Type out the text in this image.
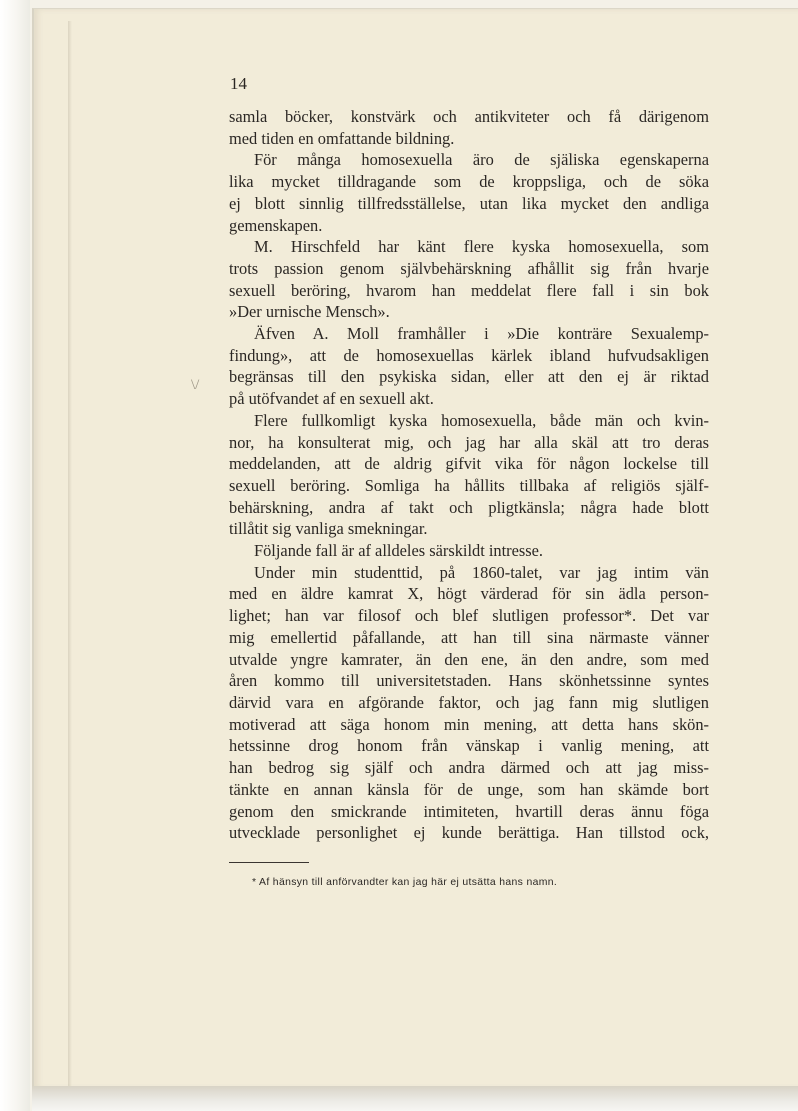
14
\/
samla böcker, konstvärk och antikviteter och få därigenom
med tiden en omfattande bildning.
För många homosexuella äro de själiska egenskaperna
lika mycket tilldragande som de kroppsliga, och de söka
ej blott sinnlig tillfredsställelse, utan lika mycket den andliga
gemenskapen.
M. Hirschfeld har känt flere kyska homosexuella, som
trots passion genom självbehärskning afhållit sig från hvarje
sexuell beröring, hvarom han meddelat flere fall i sin bok
»Der urnische Mensch».
Äfven A. Moll framhåller i »Die konträre Sexualemp-
findung», att de homosexuellas kärlek ibland hufvudsakligen
begränsas till den psykiska sidan, eller att den ej är riktad
på utöfvandet af en sexuell akt.
Flere fullkomligt kyska homosexuella, både män och kvin-
nor, ha konsulterat mig, och jag har alla skäl att tro deras
meddelanden, att de aldrig gifvit vika för någon lockelse till
sexuell beröring. Somliga ha hållits tillbaka af religiös själf-
behärskning, andra af takt och pligtkänsla; några hade blott
tillåtit sig vanliga smekningar.
Följande fall är af alldeles särskildt intresse.
Under min studenttid, på 1860-talet, var jag intim vän
med en äldre kamrat X, högt värderad för sin ädla person-
lighet; han var filosof och blef slutligen professor*. Det var
mig emellertid påfallande, att han till sina närmaste vänner
utvalde yngre kamrater, än den ene, än den andre, som med
åren kommo till universitetstaden. Hans skönhetssinne syntes
därvid vara en afgörande faktor, och jag fann mig slutligen
motiverad att säga honom min mening, att detta hans skön-
hetssinne drog honom från vänskap i vanlig mening, att
han bedrog sig själf och andra därmed och att jag miss-
tänkte en annan känsla för de unge, som han skämde bort
genom den smickrande intimiteten, hvartill deras ännu föga
utvecklade personlighet ej kunde berättiga. Han tillstod ock,
* Af hänsyn till anförvandter kan jag här ej utsätta hans namn.
